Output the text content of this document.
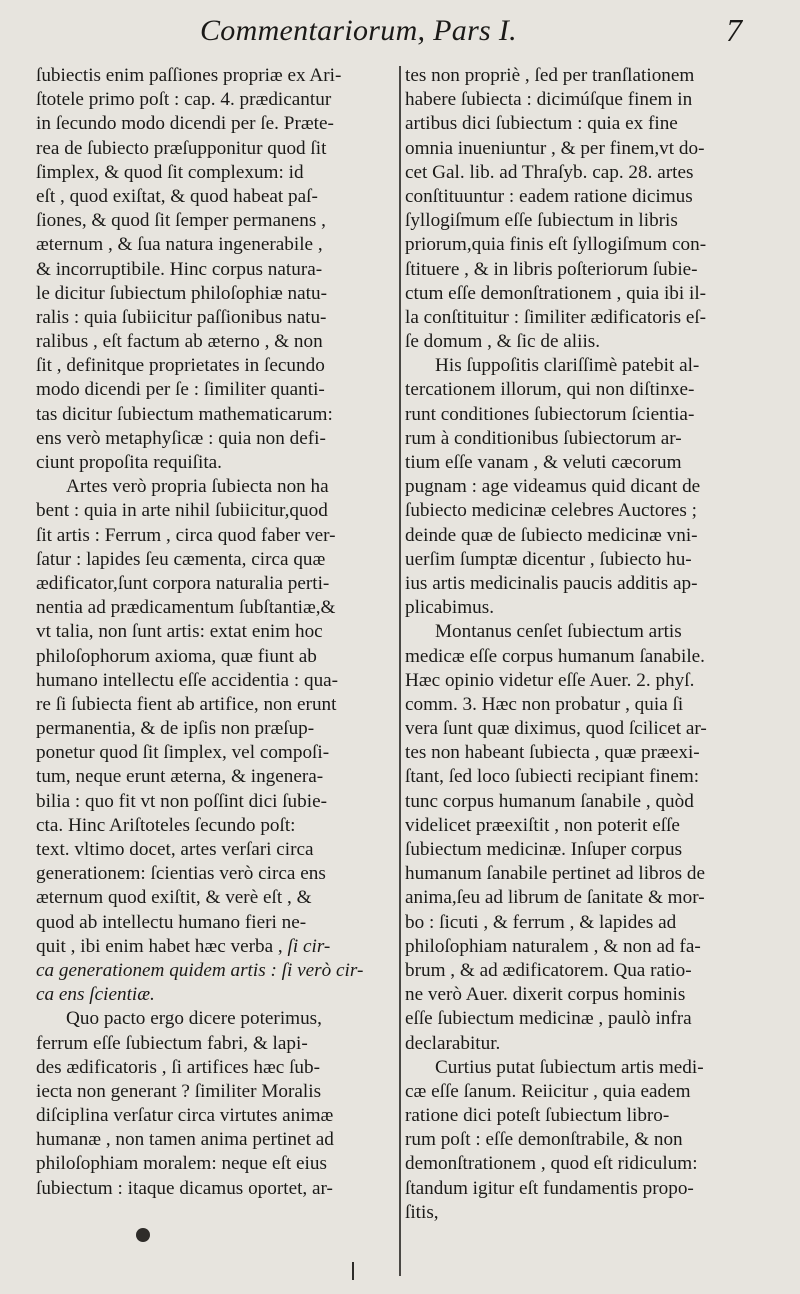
Commentariorum, Pars I.	7
ſubiectis enim paſſiones propriæ ex Ari-
ſtotele primo poſt : cap. 4. prædicantur
in ſecundo modo dicendi per ſe. Præte-
rea de ſubiecto præſupponitur quod ſit
ſimplex, & quod ſit complexum: id
eſt , quod exiſtat, & quod habeat paſ-
ſiones, & quod ſit ſemper permanens ,
æternum , & ſua natura ingenerabile ,
& incorruptibile. Hinc corpus natura-
le dicitur ſubiectum philoſophiæ natu-
ralis : quia ſubiicitur paſſionibus natu-
ralibus , eſt factum ab æterno , & non
ſit , definitque proprietates in ſecundo
modo dicendi per ſe : ſimiliter quanti-
tas dicitur ſubiectum mathematicarum:
ens verò metaphyſicæ : quia non defi-
ciunt propoſita requiſita.
Artes verò propria ſubiecta non ha
bent : quia in arte nihil ſubiicitur,quod
ſit artis : Ferrum , circa quod faber ver-
ſatur : lapides ſeu cæmenta, circa quæ
ædificator,ſunt corpora naturalia perti-
nentia ad prædicamentum ſubſtantiæ,&
vt talia, non ſunt artis: extat enim hoc
philoſophorum axioma, quæ fiunt ab
humano intellectu eſſe accidentia : qua-
re ſi ſubiecta fient ab artifice, non erunt
permanentia, & de ipſis non præſup-
ponetur quod ſit ſimplex, vel compoſi-
tum, neque erunt æterna, & ingenera-
bilia : quo fit vt non poſſint dici ſubie-
cta. Hinc Ariſtoteles ſecundo poſt:
text. vltimo docet, artes verſari circa
generationem: ſcientias verò circa ens
æternum quod exiſtit, & verè eſt , &
quod ab intellectu humano fieri ne-
quit , ibi enim habet hæc verba , ſi cir-
ca generationem quidem artis : ſi verò cir-
ca ens ſcientiæ.
Quo pacto ergo dicere poterimus,
ferrum eſſe ſubiectum fabri, & lapi-
des ædificatoris , ſi artifices hæc ſub-
iecta non generant ? ſimiliter Moralis
diſciplina verſatur circa virtutes animæ
humanæ , non tamen anima pertinet ad
philoſophiam moralem: neque eſt eius
ſubiectum : itaque dicamus oportet, ar-
tes non propriè , ſed per tranſlationem
habere ſubiecta : dicimúſque finem in
artibus dici ſubiectum : quia ex fine
omnia inueniuntur , & per finem,vt do-
cet Gal. lib. ad Thraſyb. cap. 28. artes
conſtituuntur : eadem ratione dicimus
ſyllogiſmum eſſe ſubiectum in libris
priorum,quia finis eſt ſyllogiſmum con-
ſtituere , & in libris poſteriorum ſubie-
ctum eſſe demonſtrationem , quia ibi il-
la conſtituitur : ſimiliter ædificatoris eſ-
ſe domum , & ſic de aliis.
His ſuppoſitis clariſſimè patebit al-
tercationem illorum, qui non diſtinxe-
runt conditiones ſubiectorum ſcientia-
rum à conditionibus ſubiectorum ar-
tium eſſe vanam , & veluti cæcorum
pugnam : age videamus quid dicant de
ſubiecto medicinæ celebres Auctores ;
deinde quæ de ſubiecto medicinæ vni-
uerſim ſumptæ dicentur , ſubiecto hu-
ius artis medicinalis paucis additis ap-
plicabimus.
Montanus cenſet ſubiectum artis
medicæ eſſe corpus humanum ſanabile.
Hæc opinio videtur eſſe Auer. 2. phyſ.
comm. 3. Hæc non probatur , quia ſi
vera ſunt quæ diximus, quod ſcilicet ar-
tes non habeant ſubiecta , quæ præexi-
ſtant, ſed loco ſubiecti recipiant finem:
tunc corpus humanum ſanabile , quòd
videlicet præexiſtit , non poterit eſſe
ſubiectum medicinæ. Inſuper corpus
humanum ſanabile pertinet ad libros de
anima,ſeu ad librum de ſanitate & mor-
bo : ſicuti , & ferrum , & lapides ad
philoſophiam naturalem , & non ad fa-
brum , & ad ædificatorem. Qua ratio-
ne verò Auer. dixerit corpus hominis
eſſe ſubiectum medicinæ , paulò infra
declarabitur.
Curtius putat ſubiectum artis medi-
cæ eſſe ſanum. Reiicitur , quia eadem
ratione dici poteſt ſubiectum libro-
rum poſt : eſſe demonſtrabile, & non
demonſtrationem , quod eſt ridiculum:
ſtandum igitur eſt fundamentis propo-
ſitis,
